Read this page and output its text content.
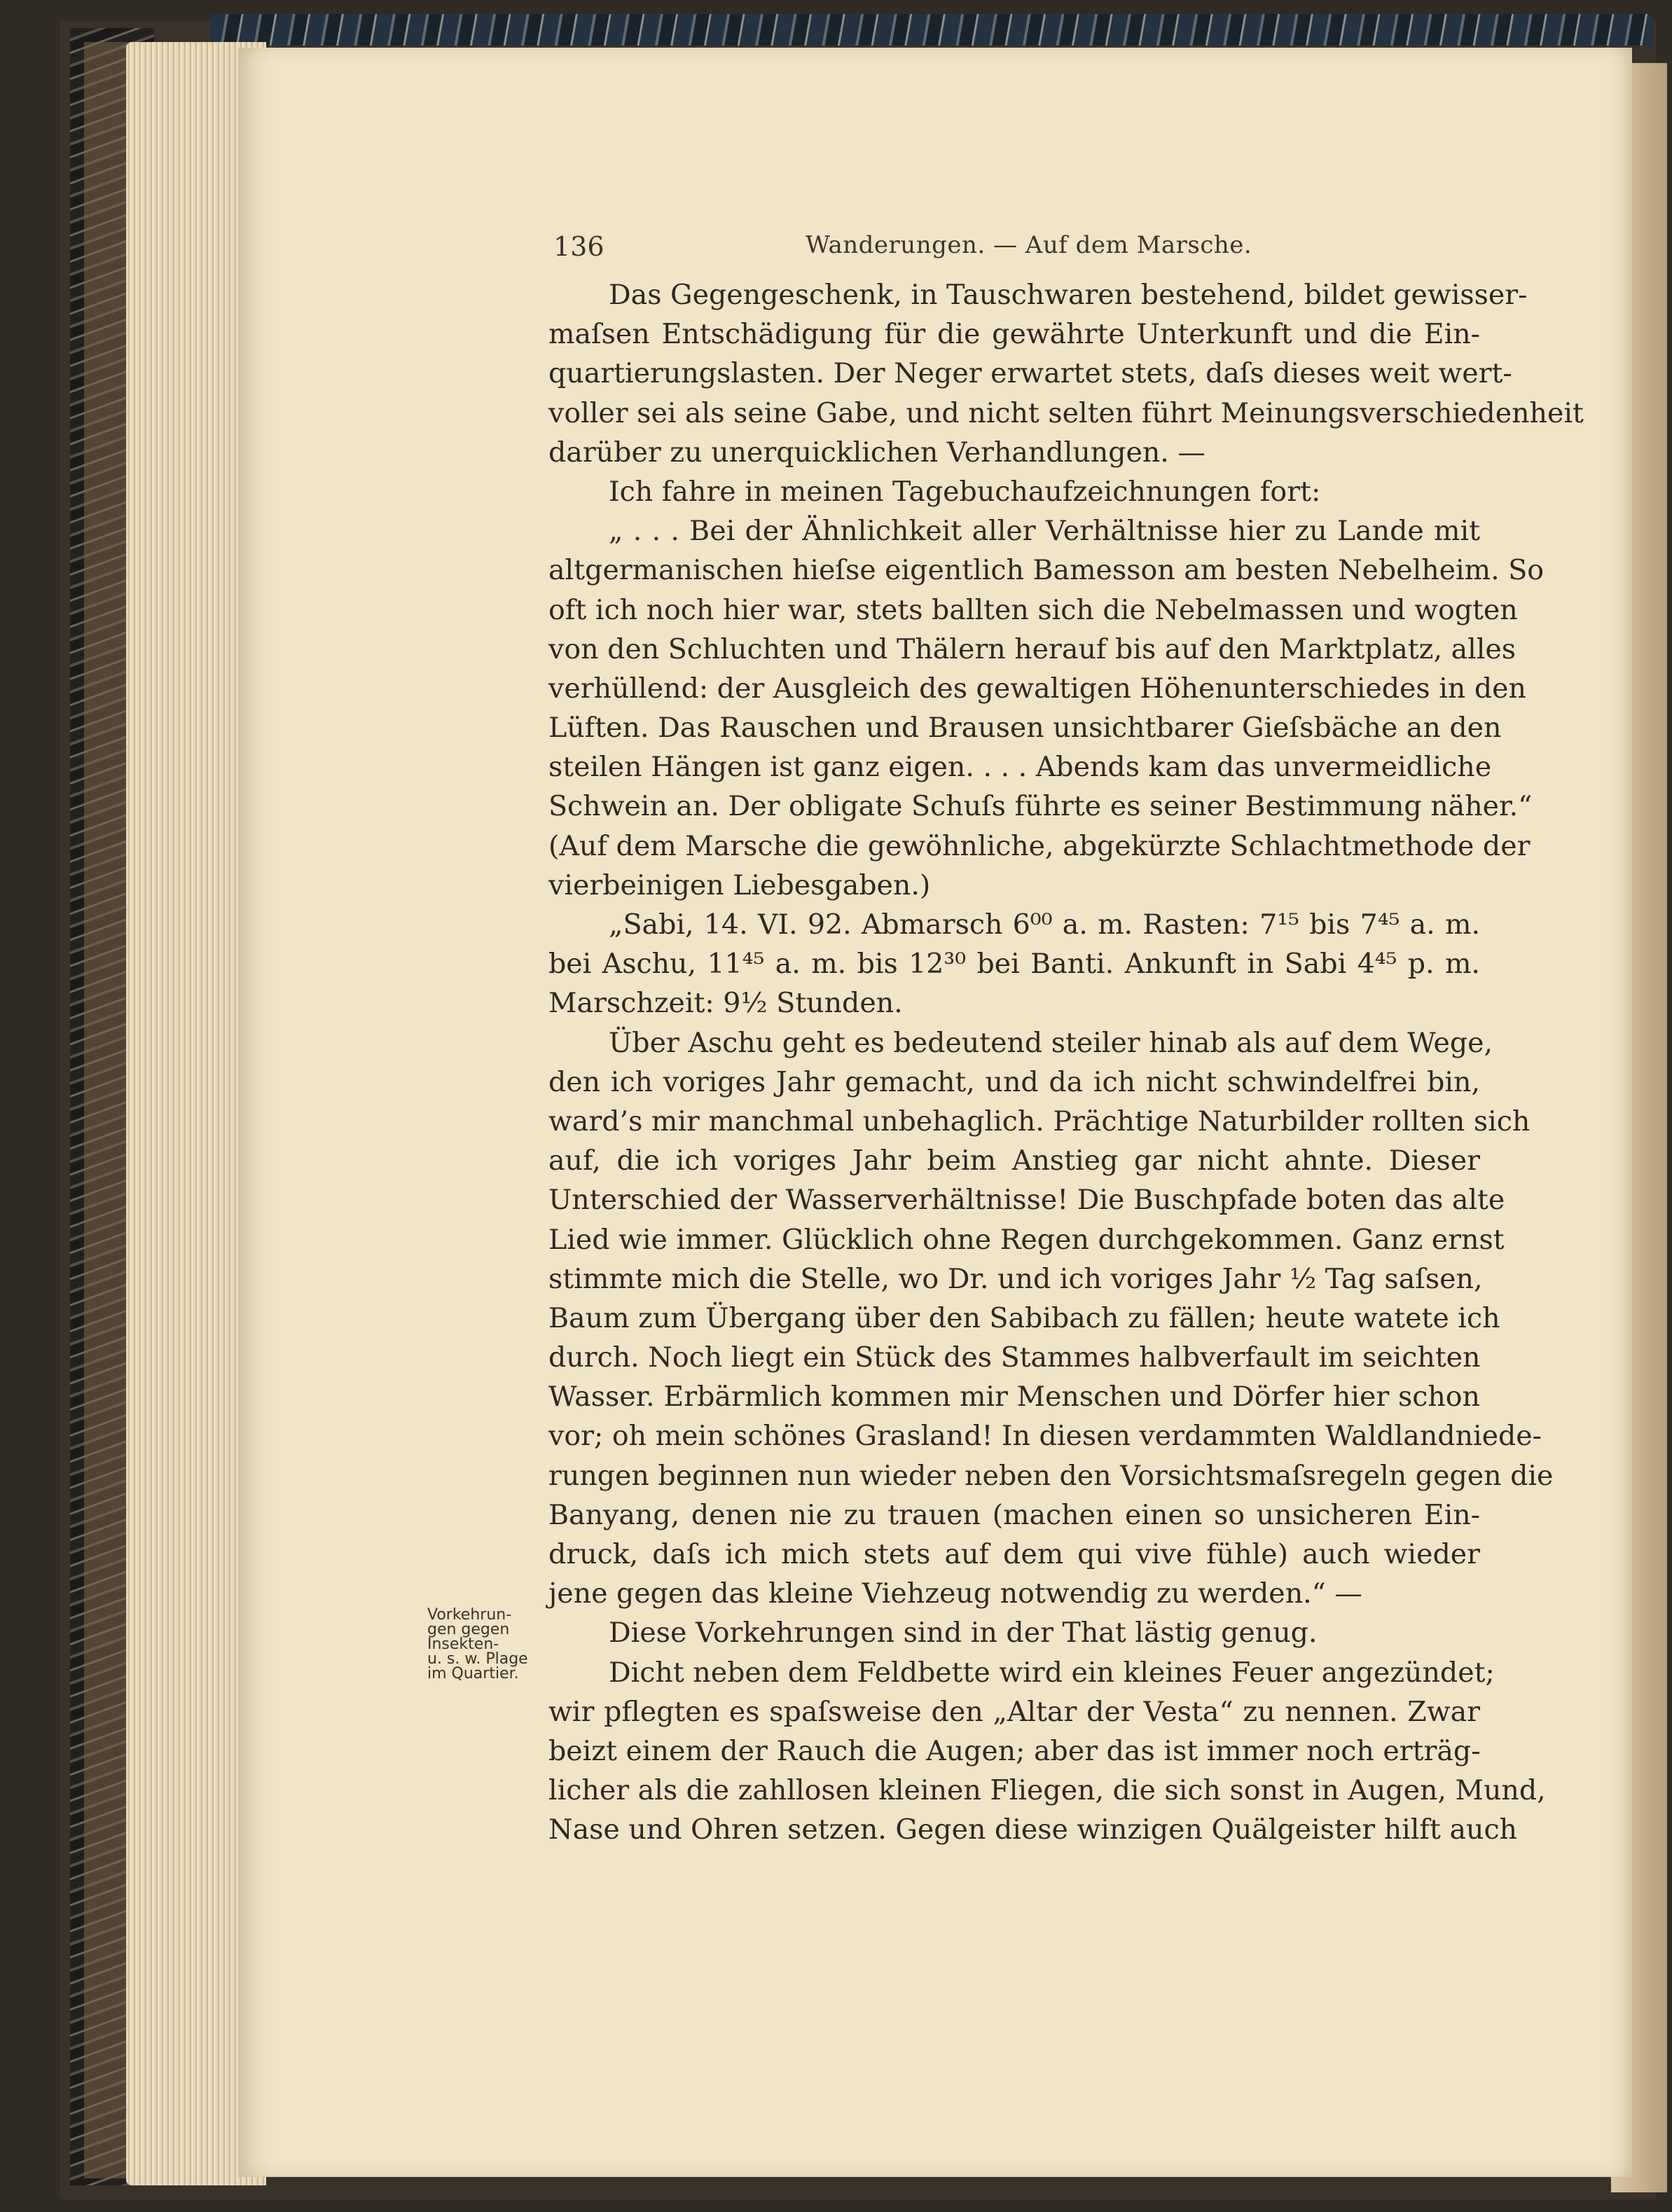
136	Wanderungen. — Auf dem Marsche.
Vorkehrun-
gen gegen
Insekten-
u. s. w. Plage
im Quartier.
Das Gegengeschenk, in Tauschwaren bestehend, bildet gewisser-
maſsen Entschädigung für die gewährte Unterkunft und die Ein-
quartierungslasten. Der Neger erwartet stets, daſs dieses weit wert-
voller sei als seine Gabe, und nicht selten führt Meinungsverschiedenheit
darüber zu unerquicklichen Verhandlungen. —
Ich fahre in meinen Tagebuchaufzeichnungen fort:
„ . . . Bei der Ähnlichkeit aller Verhältnisse hier zu Lande mit
altgermanischen hieſse eigentlich Bamesson am besten Nebelheim. So
oft ich noch hier war, stets ballten sich die Nebelmassen und wogten
von den Schluchten und Thälern herauf bis auf den Marktplatz, alles
verhüllend: der Ausgleich des gewaltigen Höhenunterschiedes in den
Lüften. Das Rauschen und Brausen unsichtbarer Gieſsbäche an den
steilen Hängen ist ganz eigen. . . . Abends kam das unvermeidliche
Schwein an. Der obligate Schuſs führte es seiner Bestimmung näher.“
(Auf dem Marsche die gewöhnliche, abgekürzte Schlachtmethode der
vierbeinigen Liebesgaben.)
„Sabi, 14. VI. 92. Abmarsch 6⁰⁰ a. m. Rasten: 7¹⁵ bis 7⁴⁵ a. m.
bei Aschu, 11⁴⁵ a. m. bis 12³⁰ bei Banti. Ankunft in Sabi 4⁴⁵ p. m.
Marschzeit: 9½ Stunden.
Über Aschu geht es bedeutend steiler hinab als auf dem Wege,
den ich voriges Jahr gemacht, und da ich nicht schwindelfrei bin,
ward’s mir manchmal unbehaglich. Prächtige Naturbilder rollten sich
auf, die ich voriges Jahr beim Anstieg gar nicht ahnte. Dieser
Unterschied der Wasserverhältnisse! Die Buschpfade boten das alte
Lied wie immer. Glücklich ohne Regen durchgekommen. Ganz ernst
stimmte mich die Stelle, wo Dr. und ich voriges Jahr ½ Tag saſsen,
Baum zum Übergang über den Sabibach zu fällen; heute watete ich
durch. Noch liegt ein Stück des Stammes halbverfault im seichten
Wasser. Erbärmlich kommen mir Menschen und Dörfer hier schon
vor; oh mein schönes Grasland! In diesen verdammten Waldlandniede-
rungen beginnen nun wieder neben den Vorsichtsmaſsregeln gegen die
Banyang, denen nie zu trauen (machen einen so unsicheren Ein-
druck, daſs ich mich stets auf dem qui vive fühle) auch wieder
jene gegen das kleine Viehzeug notwendig zu werden.“ —
Diese Vorkehrungen sind in der That lästig genug.
Dicht neben dem Feldbette wird ein kleines Feuer angezündet;
wir pflegten es spaſsweise den „Altar der Vesta“ zu nennen. Zwar
beizt einem der Rauch die Augen; aber das ist immer noch erträg-
licher als die zahllosen kleinen Fliegen, die sich sonst in Augen, Mund,
Nase und Ohren setzen. Gegen diese winzigen Quälgeister hilft auch
